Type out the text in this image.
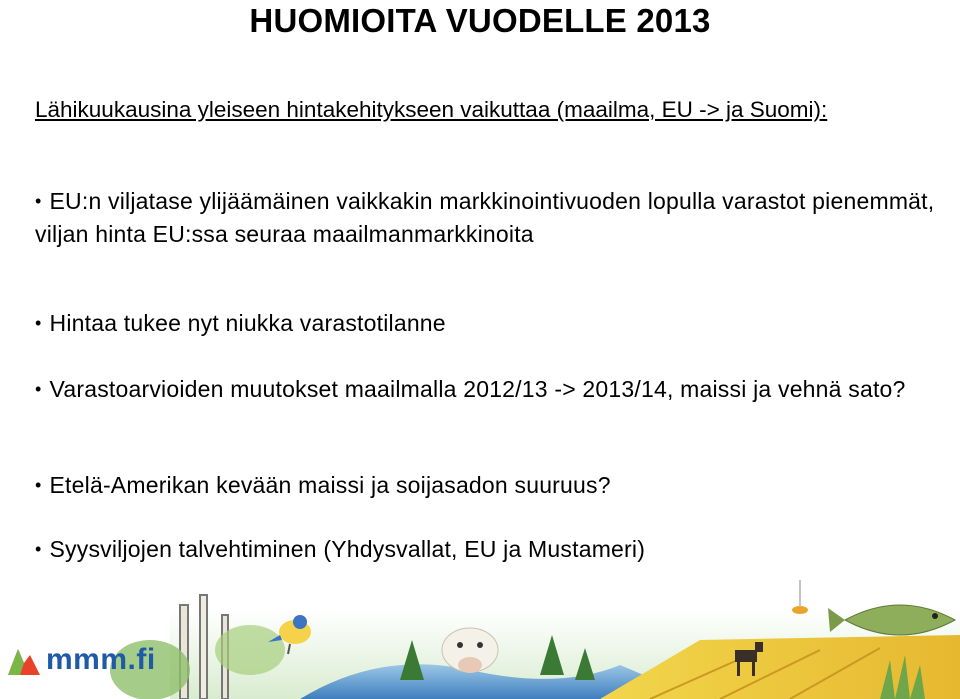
HUOMIOITA VUODELLE 2013
Lähikuukausina yleiseen hintakehitykseen vaikuttaa (maailma, EU -> ja Suomi):
• EU:n viljatase ylijäämäinen vaikkakin markkinointivuoden lopulla varastot pienemmät, viljan hinta EU:ssa seuraa maailmanmarkkinoita
• Hintaa tukee nyt niukka varastotilanne
• Varastoarvioiden muutokset maailmalla 2012/13 -> 2013/14, maissi ja vehnä sato?
• Etelä-Amerikan kevään maissi ja soijasadon suuruus?
• Syysviljojen talvehtiminen (Yhdysvallat, EU ja Mustameri)
mmm.fi
